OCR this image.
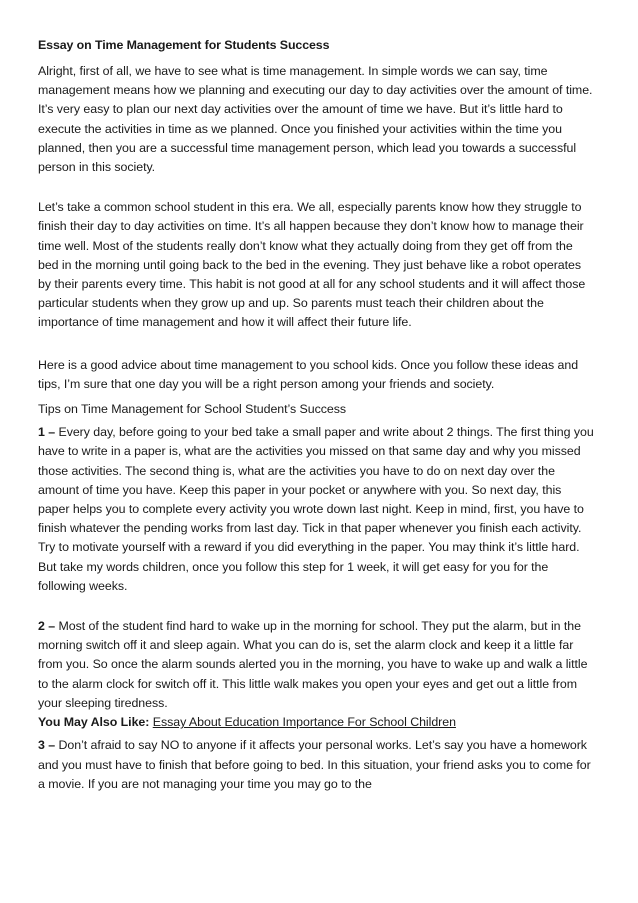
Essay on Time Management for Students Success

Alright, first of all, we have to see what is time management. In simple words we can say, time management means how we planning and executing our day to day activities over the amount of time. It’s very easy to plan our next day activities over the amount of time we have. But it’s little hard to execute the activities in time as we planned. Once you finished your activities within the time you planned, then you are a successful time management person, which lead you towards a successful person in this society.

Let’s take a common school student in this era. We all, especially parents know how they struggle to finish their day to day activities on time. It’s all happen because they don’t know how to manage their time well. Most of the students really don’t know what they actually doing from they get off from the bed in the morning until going back to the bed in the evening. They just behave like a robot operates by their parents every time. This habit is not good at all for any school students and it will affect those particular students when they grow up and up. So parents must teach their children about the importance of time management and how it will affect their future life.

Here is a good advice about time management to you school kids. Once you follow these ideas and tips, I’m sure that one day you will be a right person among your friends and society.

Tips on Time Management for School Student’s Success

1 – Every day, before going to your bed take a small paper and write about 2 things. The first thing you have to write in a paper is, what are the activities you missed on that same day and why you missed those activities. The second thing is, what are the activities you have to do on next day over the amount of time you have. Keep this paper in your pocket or anywhere with you. So next day, this paper helps you to complete every activity you wrote down last night. Keep in mind, first, you have to finish whatever the pending works from last day. Tick in that paper whenever you finish each activity. Try to motivate yourself with a reward if you did everything in the paper. You may think it’s little hard. But take my words children, once you follow this step for 1 week, it will get easy for you for the following weeks.

2 – Most of the student find hard to wake up in the morning for school. They put the alarm, but in the morning switch off it and sleep again. What you can do is, set the alarm clock and keep it a little far from you. So once the alarm sounds alerted you in the morning, you have to wake up and walk a little to the alarm clock for switch off it. This little walk makes you open your eyes and get out a little from your sleeping tiredness.

You May Also Like: Essay About Education Importance For School Children

3 – Don’t afraid to say NO to anyone if it affects your personal works. Let’s say you have a homework and you must have to finish that before going to bed. In this situation, your friend asks you to come for a movie. If you are not managing your time you may go to the
